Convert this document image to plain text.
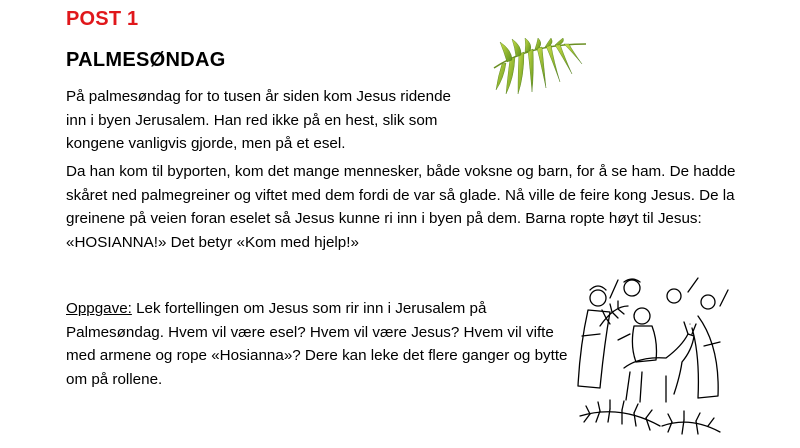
POST 1
PALMESØNDAG
På palmesøndag for to tusen år siden kom Jesus ridende inn i byen Jerusalem. Han red ikke på en hest, slik som kongene vanligvis gjorde, men på et esel.
Da han kom til byporten, kom det mange mennesker, både voksne og barn, for å se ham. De hadde skåret ned palmegreiner og viftet med dem fordi de var så glade. Nå ville de feire kong Jesus. De la greinene på veien foran eselet så Jesus kunne ri inn i byen på dem. Barna ropte høyt til Jesus: «HOSIANNA!» Det betyr «Kom med hjelp!»
Oppgave: Lek fortellingen om Jesus som rir inn i Jerusalem på Palmesøndag. Hvem vil være esel? Hvem vil være Jesus? Hvem vil vifte med armene og rope «Hosianna»? Dere kan leke det flere ganger og bytte om på rollene.
